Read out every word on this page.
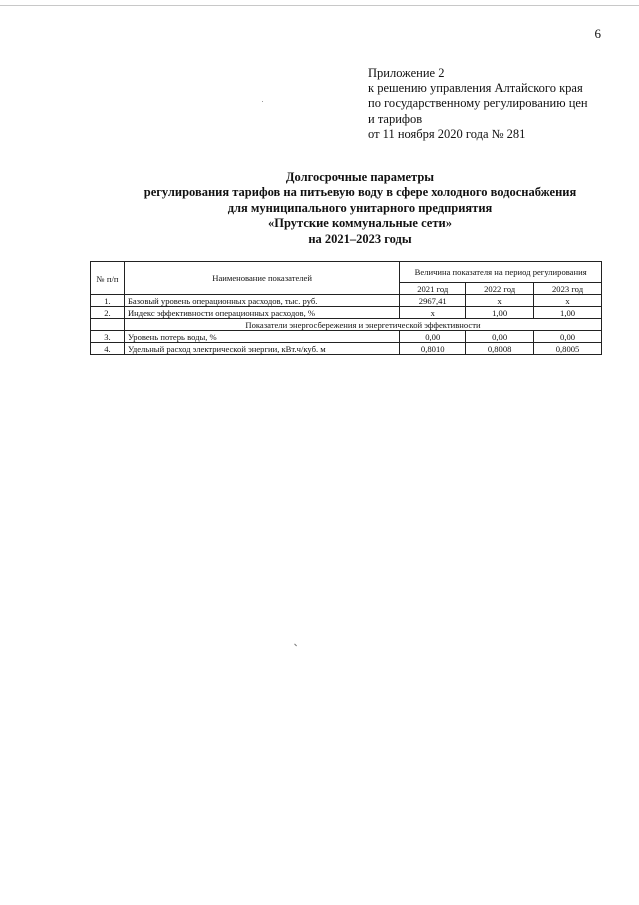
6
Приложение 2
к решению управления Алтайского края
по государственному регулированию цен
и тарифов
от 11 ноября 2020 года № 281
Долгосрочные параметры
регулирования тарифов на питьевую воду в сфере холодного водоснабжения
для муниципального унитарного предприятия
«Прутские коммунальные сети»
на 2021–2023 годы
№ п/п	Наименование показателей	Величина показателя на период регулирования		
		2021 год	2022 год	2023 год
1.	Базовый уровень операционных расходов, тыс. руб.	2967,41	х	х
2.	Индекс эффективности операционных расходов, %	х	1,00	1,00
	Показатели энергосбережения и энергетической эффективности			
3.	Уровень потерь воды, %	0,00	0,00	0,00
4.	Удельный расход электрической энергии, кВт.ч/куб. м	0,8010	0,8008	0,8005
